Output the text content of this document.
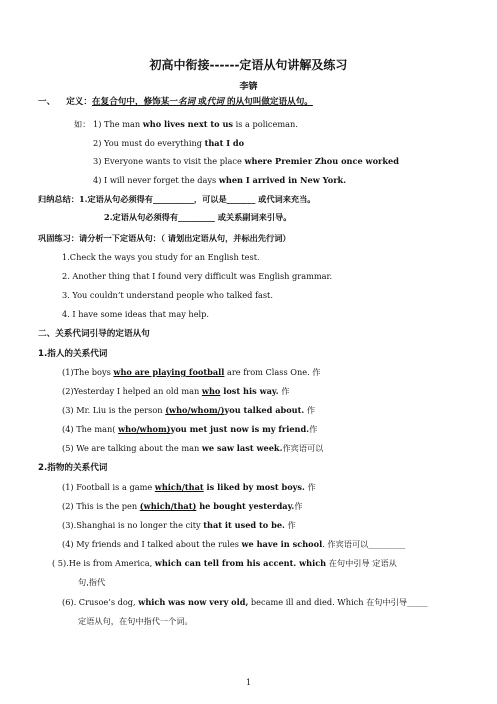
初高中衔接------定语从句讲解及练习
李锛
一、 定义：在复合句中，修饰某一名词 或代词 的从句叫做定语从句。
如： 1) The man who lives next to us is a policeman.
2) You must do everything that I do
3) Everyone wants to visit the place where Premier Zhou once worked
4) I will never forget the days when I arrived in New York.
归纳总结：1.定语从句必须得有__________，可以是_______ 或代词来充当。
2.定语从句必须得有_________ 或关系副词来引导。
巩固练习：请分析一下定语从句：（ 请划出定语从句，并标出先行词）
1.Check the ways you study for an English test.
2. Another thing that I found very difficult was English grammar.
3. You couldn’t understand people who talked fast.
4. I have some ideas that may help.
二、关系代词引导的定语从句
1.指人的关系代词
(1)The boys who are playing football are from Class One. 作
(2)Yesterday I helped an old man who lost his way. 作
(3) Mr. Liu is the person (who/whom/)you talked about. 作
(4) The man( who/whom)you met just now is my friend.作
(5) We are talking about the man we saw last week.作宾语可以
2.指物的关系代词
(1) Football is a game which/that is liked by most boys. 作
(2) This is the pen (which/that) he bought yesterday.作
(3).Shanghai is no longer the city that it used to be. 作
(4) My friends and I talked about the rules we have in school. 作宾语可以_________
( 5).He is from America, which can tell from his accent. which 在句中引导 定语从
句,指代
(6). Crusoe’s dog, which was now very old, became ill and died. Which 在句中引导_____
定语从句，在句中指代一个词。
1
